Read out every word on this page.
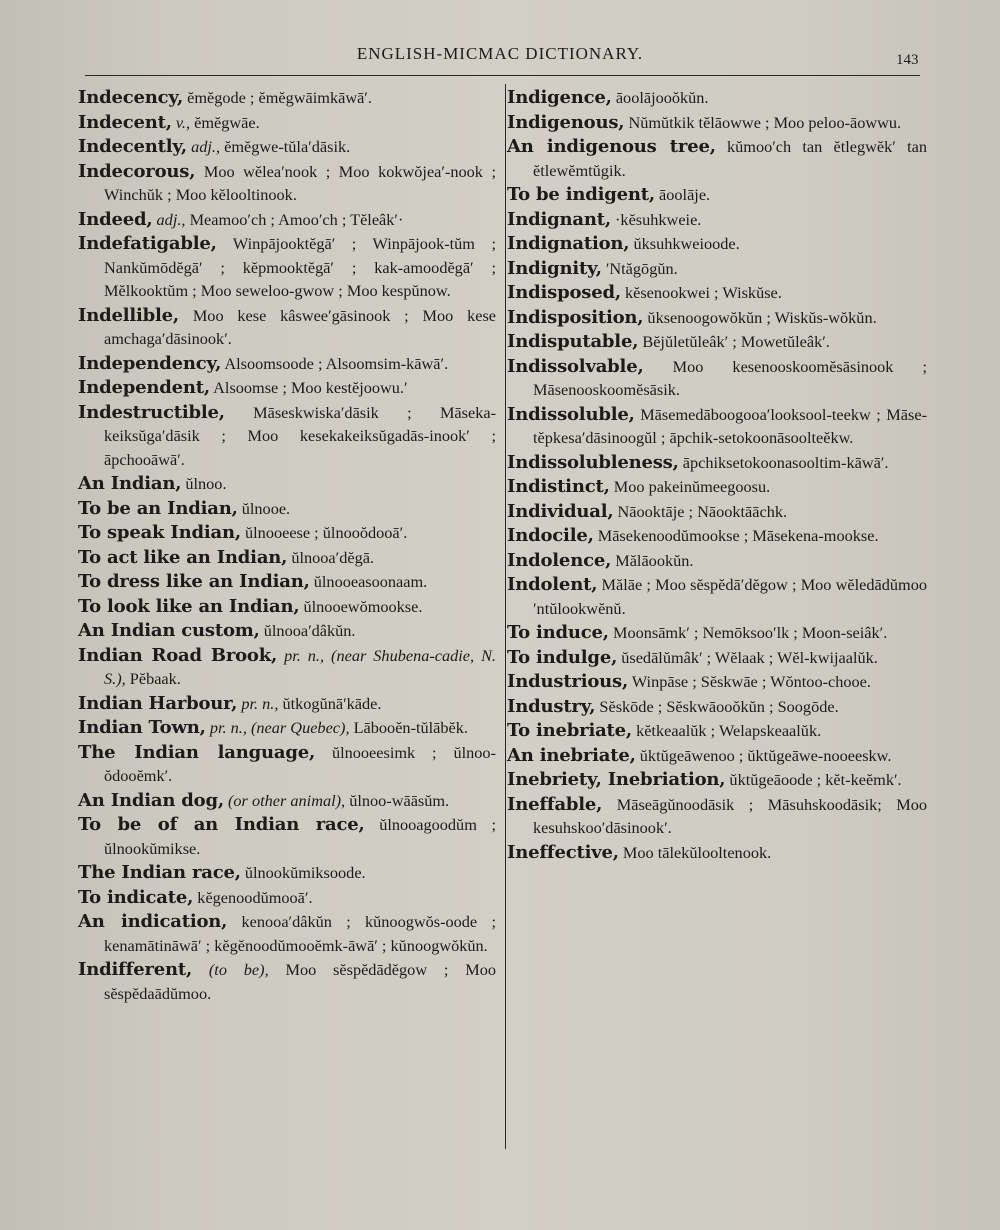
ENGLISH-MICMAC DICTIONARY.	143
Indecency, ĕmĕgode ; ĕmĕgwāimkāwā′.
Indecent, v., ĕmĕgwāe.
Indecently, adj., ĕmĕgwe-tŭla′dāsik.
Indecorous, Moo wĕlea′nook ; Moo kokwŏjea′-nook ; Winchŭk ; Moo kĕlooltinook.
Indeed, adj., Meamoo′ch ; Amoo′ch ; Tĕleâk′·
Indefatigable, Winpājooktĕgā′ ; Winpājook-tŭm ; Nankŭmōdĕgā′ ; kĕpmooktĕgā′ ; kak-amoodĕgā′ ; Mĕlkooktŭm ; Moo seweloo-gwow ; Moo kespŭnow.
Indellible, Moo kese kâswee′gāsinook ; Moo kese amchaga′dāsinook′.
Independency, Alsoomsoode ; Alsoomsim-kāwā′.
Independent, Alsoomse ; Moo kestĕjoowu.′
Indestructible, Māseskwiska′dāsik ; Māseka-keiksŭga′dāsik ; Moo kesekakeiksŭgadās-inook′ ; āpchooāwā′.
An Indian, ŭlnoo.
To be an Indian, ŭlnooe.
To speak Indian, ŭlnooeese ; ŭlnooŏdooā′.
To act like an Indian, ŭlnooa′dĕgā.
To dress like an Indian, ŭlnooeasoonaam.
To look like an Indian, ŭlnooewŏmookse.
An Indian custom, ŭlnooa′dâkŭn.
Indian Road Brook, pr. n., (near Shubena-cadie, N. S.), Pĕbaak.
Indian Harbour, pr. n., ŭtkogŭnā′kāde.
Indian Town, pr. n., (near Quebec), Lābooĕn-tŭlābĕk.
The Indian language, ŭlnooeesimk ; ŭlnoo-ŏdooĕmk′.
An Indian dog, (or other animal), ŭlnoo-wāāsŭm.
To be of an Indian race, ŭlnooagoodŭm ; ŭlnookŭmikse.
The Indian race, ŭlnookŭmiksoode.
To indicate, kĕgenoodŭmooā′.
An indication, kenooa′dâkŭn ; kŭnoogwŏs-oode ; kenamātināwā′ ; kĕgĕnoodŭmooĕmk-āwā′ ; kŭnoogwŏkŭn.
Indifferent, (to be), Moo sĕspĕdādĕgow ; Moo sĕspĕdaādŭmoo.
Indigence, āoolājooŏkŭn.
Indigenous, Nŭmŭtkik tĕlāowwe ; Moo peloo-āowwu.
An indigenous tree, kŭmoo′ch tan ĕtlegwĕk′ tan ĕtlewĕmtŭgik.
To be indigent, āoolāje.
Indignant, ·kĕsuhkweie.
Indignation, ŭksuhkweioode.
Indignity, ′Ntăgōgŭn.
Indisposed, kĕsenookwei ; Wiskŭse.
Indisposition, ŭksenoogowŏkŭn ; Wiskŭs-wŏkŭn.
Indisputable, Bĕjŭletŭleâk′ ; Mowetŭleâk′.
Indissolvable, Moo kesenooskoomĕsāsinook ; Māsenooskoomĕsāsik.
Indissoluble, Māsemedāboogooa′looksool-teekw ; Māse-tĕpkesa′dāsinoogŭl ; āpchik-setokoonāsoolteĕkw.
Indissolubleness, āpchiksetokoonasooltim-kāwā′.
Indistinct, Moo pakeinŭmeegoosu.
Individual, Nāooktāje ; Nāooktāāchk.
Indocile, Māsekenoodŭmookse ; Māsekena-mookse.
Indolence, Mălāookŭn.
Indolent, Mălāe ; Moo sĕspĕdā′dĕgow ; Moo wĕledādŭmoo ′ntŭlookwĕnŭ.
To induce, Moonsāmk′ ; Nemōksoo′lk ; Moon-seiâk′.
To indulge, ŭsedālŭmâk′ ; Wĕlaak ; Wĕl-kwijaalŭk.
Industrious, Winpāse ; Sĕskwāe ; Wŏntoo-chooe.
Industry, Sĕskōde ; Sĕskwāooŏkŭn ; Soogōde.
To inebriate, kĕtkeaalŭk ; Welapskeaalŭk.
An inebriate, ŭktŭgeāwenoo ; ŭktŭgeāwe-nooeeskw.
Inebriety, Inebriation, ŭktŭgeāoode ; kĕt-keĕmk′.
Ineffable, Māseāgŭnoodāsik ; Māsuhskoodāsik; Moo kesuhskoo′dāsinook′.
Ineffective, Moo tālekŭlooltenook.
